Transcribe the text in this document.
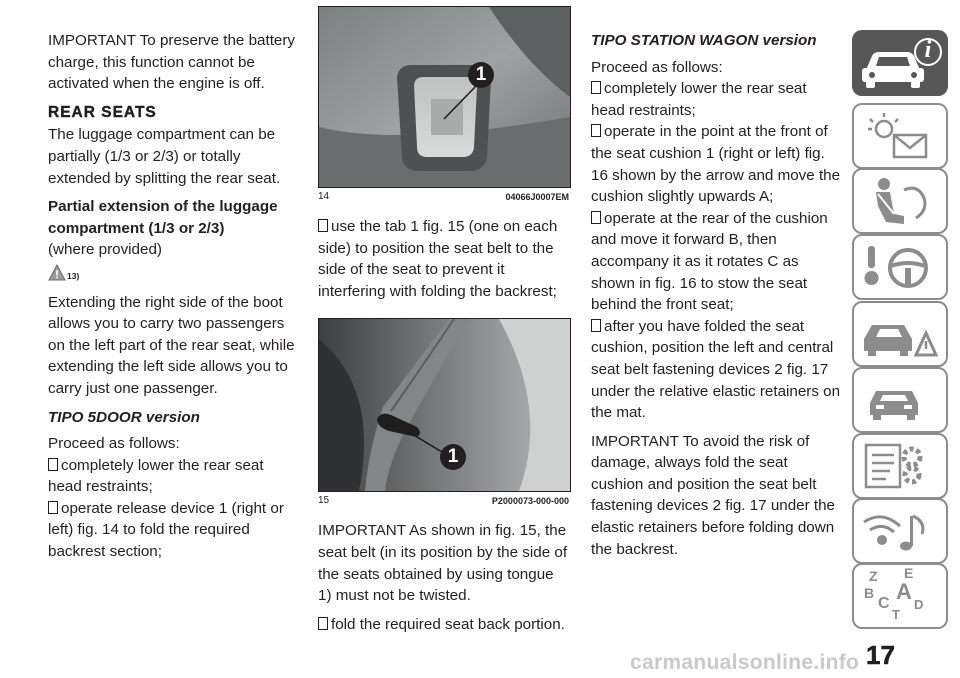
IMPORTANT To preserve the battery charge, this function cannot be activated when the engine is off.

REAR SEATS

The luggage compartment can be partially (1/3 or 2/3) or totally extended by splitting the rear seat.

Partial extension of the luggage compartment (1/3 or 2/3)
(where provided)
13)

Extending the right side of the boot allows you to carry two passengers on the left part of the rear seat, while extending the left side allows you to carry just one passenger.

TIPO 5DOOR version
Proceed as follows:
completely lower the rear seat head restraints;
operate release device 1 (right or left) fig. 14 to fold the required backrest section;
1
14	04066J0007EM
use the tab 1 fig. 15 (one on each side) to position the seat belt to the side of the seat to prevent it interfering with folding the backrest;
1
15	P2000073-000-000

IMPORTANT As shown in fig. 15, the seat belt (in its position by the side of the seats obtained by using tongue 1) must not be twisted.

fold the required seat back portion.
TIPO STATION WAGON version
Proceed as follows:
completely lower the rear seat head restraints;
operate in the point at the front of the seat cushion 1 (right or left) fig. 16 shown by the arrow and move the cushion slightly upwards A;
operate at the rear of the cushion and move it forward B, then accompany it as it rotates C as shown in fig. 16 to stow the seat behind the front seat;
after you have folded the seat cushion, position the left and central seat belt fastening devices 2 fig. 17 under the relative elastic retainers on the mat.

IMPORTANT To avoid the risk of damage, always fold the seat cushion and position the seat belt fastening devices 2 fig. 17 under the elastic retainers before folding down the backrest.

i
Z E
B A
C D
T
17
carmanualsonline.info
